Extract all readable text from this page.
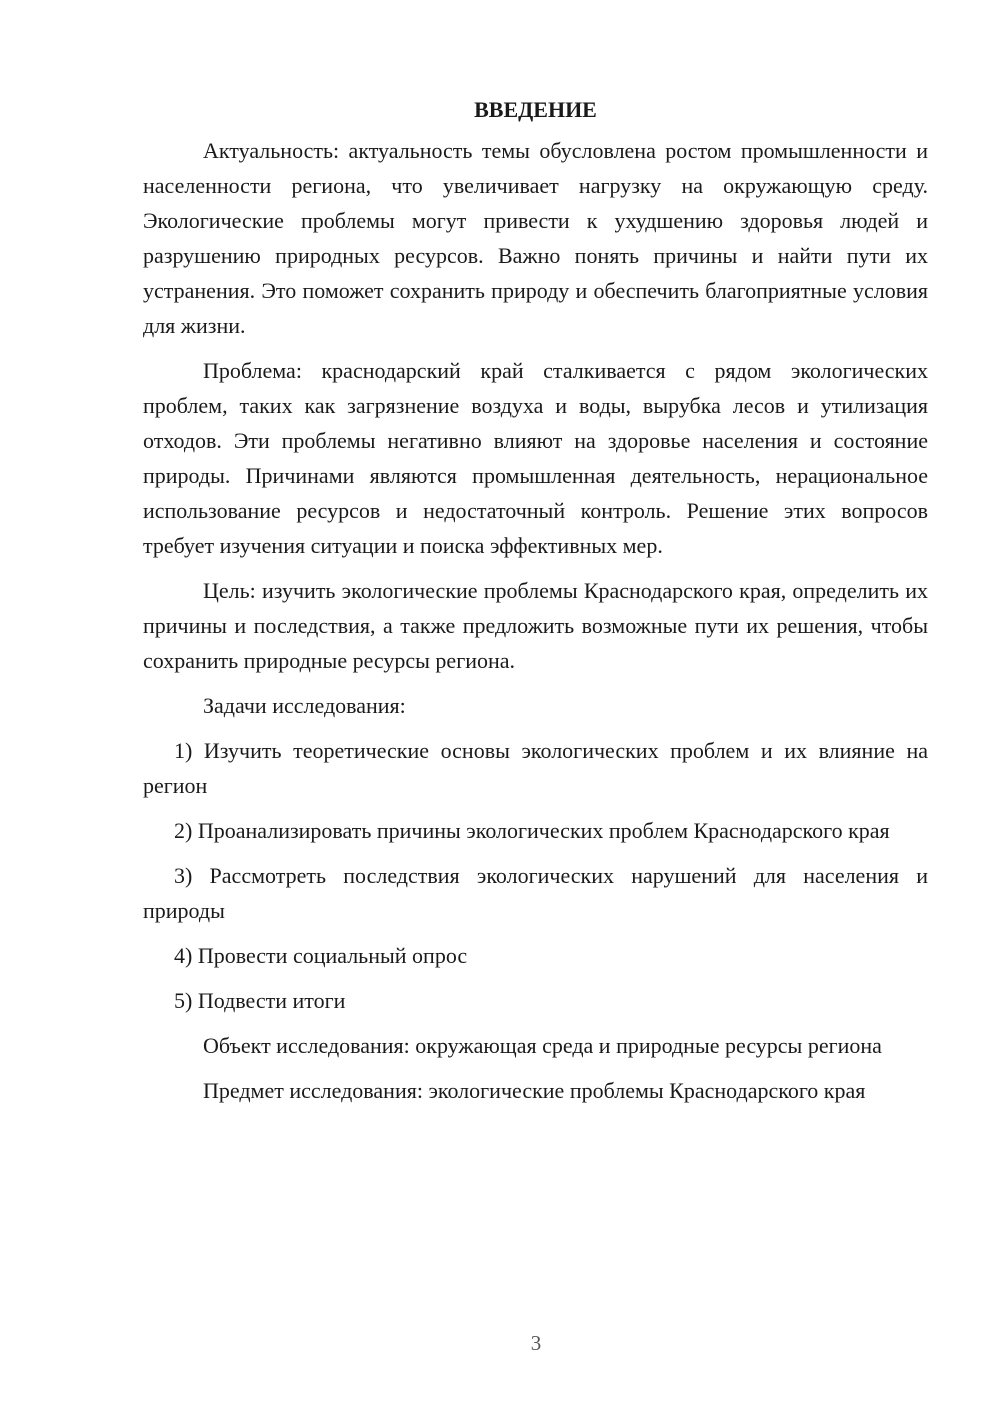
ВВЕДЕНИЕ

Актуальность: актуальность темы обусловлена ростом промышленности и населенности региона, что увеличивает нагрузку на окружающую среду. Экологические проблемы могут привести к ухудшению здоровья людей и разрушению природных ресурсов. Важно понять причины и найти пути их устранения. Это поможет сохранить природу и обеспечить благоприятные условия для жизни.

Проблема: краснодарский край сталкивается с рядом экологических проблем, таких как загрязнение воздуха и воды, вырубка лесов и утилизация отходов. Эти проблемы негативно влияют на здоровье населения и состояние природы. Причинами являются промышленная деятельность, нерациональное использование ресурсов и недостаточный контроль. Решение этих вопросов требует изучения ситуации и поиска эффективных мер.

Цель: изучить экологические проблемы Краснодарского края, определить их причины и последствия, а также предложить возможные пути их решения, чтобы сохранить природные ресурсы региона.

Задачи исследования:

1) Изучить теоретические основы экологических проблем и их влияние на регион

2) Проанализировать причины экологических проблем Краснодарского края

3) Рассмотреть последствия экологических нарушений для населения и природы

4) Провести социальный опрос

5) Подвести итоги

Объект исследования: окружающая среда и природные ресурсы региона

Предмет исследования: экологические проблемы Краснодарского края

3
